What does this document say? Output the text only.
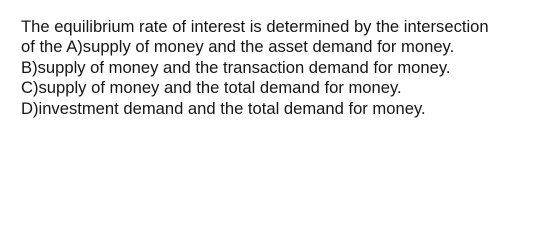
The equilibrium rate of interest is determined by the intersection
of the A)supply of money and the asset demand for money.
B)supply of money and the transaction demand for money.
C)supply of money and the total demand for money.
D)investment demand and the total demand for money.
